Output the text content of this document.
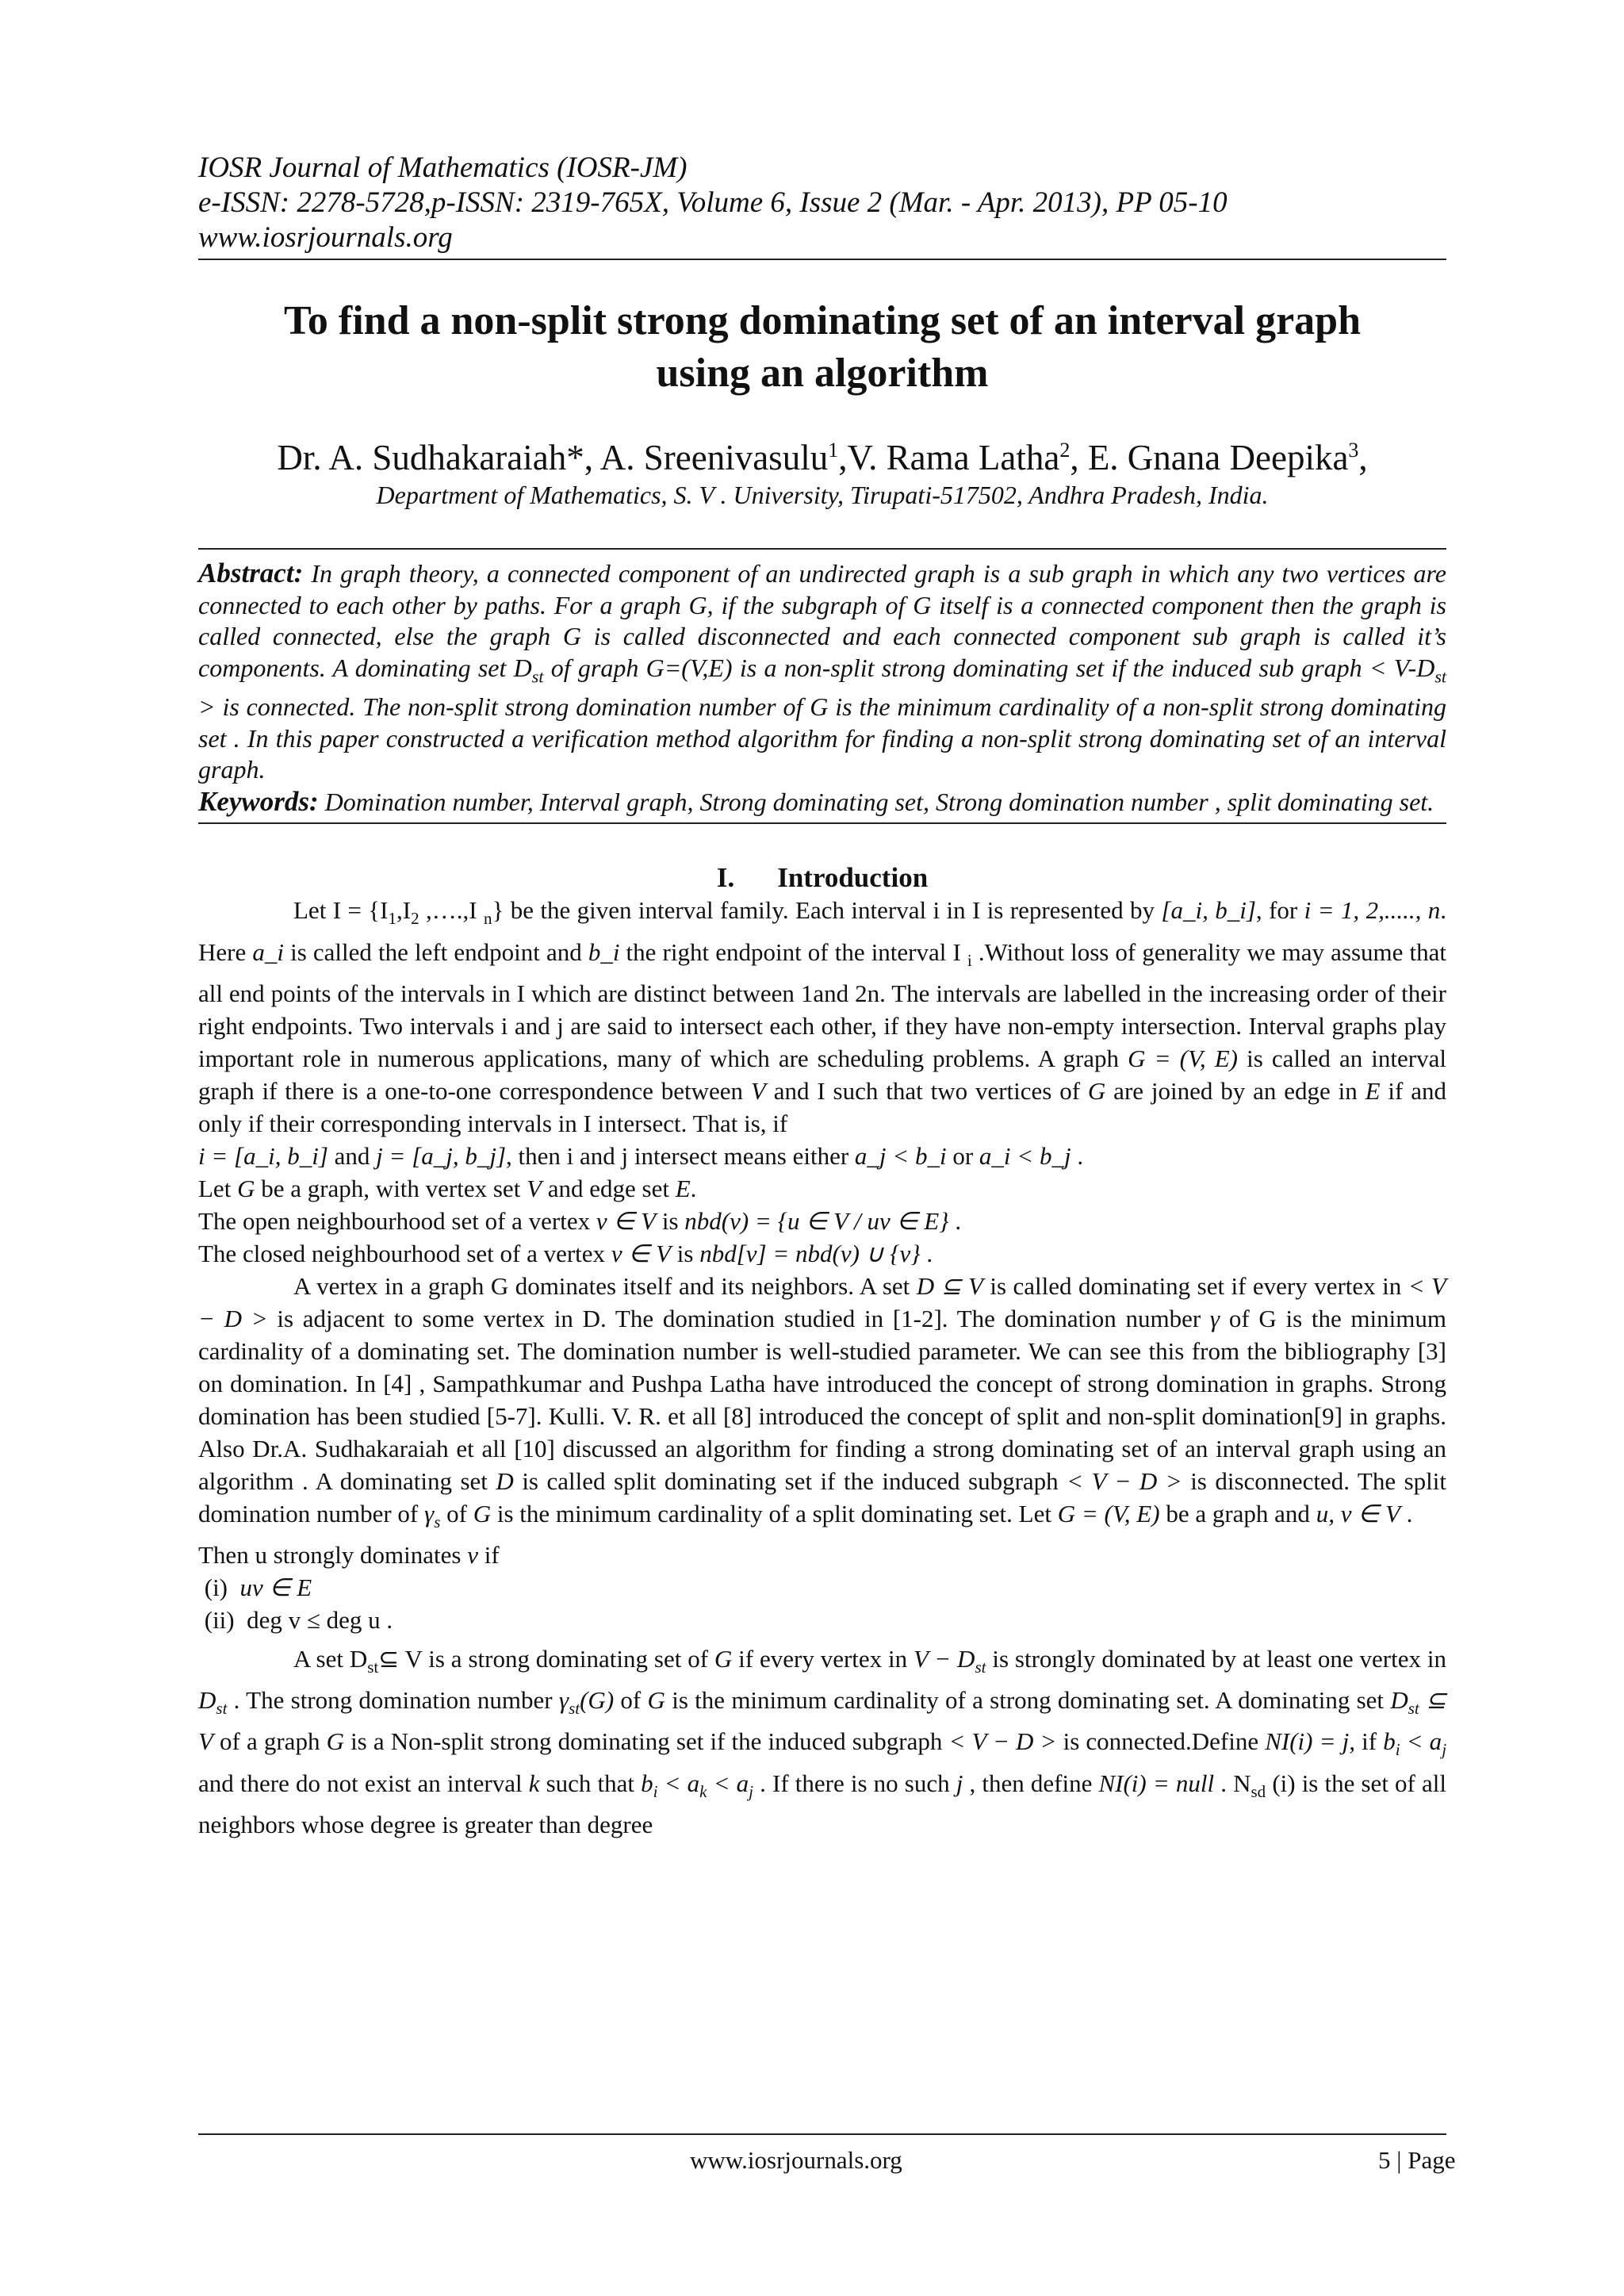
IOSR Journal of Mathematics (IOSR-JM)
e-ISSN: 2278-5728,p-ISSN: 2319-765X, Volume 6, Issue 2 (Mar. - Apr. 2013), PP 05-10
www.iosrjournals.org
To find a non-split strong dominating set of an interval graph
using an algorithm
Dr. A. Sudhakaraiah*, A. Sreenivasulu$^1$,V. Rama Latha$^2$, E. Gnana Deepika$^3$,
Department of Mathematics, S. V . University, Tirupati-517502, Andhra Pradesh, India.
Abstract: In graph theory, a connected component of an undirected graph is a sub graph in which any two vertices are connected to each other by paths. For a graph G, if the subgraph of G itself is a connected component then the graph is called connected, else the graph G is called disconnected and each connected component sub graph is called it’s components. A dominating set $D_{st}$ of graph G=(V,E) is a non-split strong dominating set if the induced sub graph < $V-D_{st}$ > is connected. The non-split strong domination number of G is the minimum cardinality of a non-split strong dominating set . In this paper constructed a verification method algorithm for finding a non-split strong dominating set of an interval graph.
Keywords: Domination number, Interval graph, Strong dominating set, Strong domination number , split dominating set.
I. Introduction

Let $I = \{I_1,I_2$ ,….,I $_n$} be the given interval family. Each interval i in I is represented by [a_i, b_i], for i = 1, 2,....., n. Here a_i is called the left endpoint and b_i the right endpoint of the interval I $_i$ .Without loss of generality we may assume that all end points of the intervals in I which are distinct between 1and 2n. The intervals are labelled in the increasing order of their right endpoints. Two intervals i and j are said to intersect each other, if they have non-empty intersection. Interval graphs play important role in numerous applications, many of which are scheduling problems. A graph G = (V, E) is called an interval graph if there is a one-to-one correspondence between V and I such that two vertices of G are joined by an edge in E if and only if their corresponding intervals in I intersect. That is, if

i = [a_i, b_i] and j = [a_j, b_j], then i and j intersect means either a_j < b_i or a_i < b_j .

Let G be a graph, with vertex set V and edge set E.

The open neighbourhood set of a vertex v ∈ V is nbd(v) = {u ∈ V / uv ∈ E} .

The closed neighbourhood set of a vertex v ∈ V is nbd[v] = nbd(v) ∪ {v} .

A vertex in a graph G dominates itself and its neighbors. A set D ⊆ V is called dominating set if every vertex in < V − D > is adjacent to some vertex in D. The domination studied in [1-2]. The domination number γ of G is the minimum cardinality of a dominating set. The domination number is well-studied parameter. We can see this from the bibliography [3] on domination. In [4] , Sampathkumar and Pushpa Latha have introduced the concept of strong domination in graphs. Strong domination has been studied [5-7]. Kulli. V. R. et all [8] introduced the concept of split and non-split domination[9] in graphs. Also Dr.A. Sudhakaraiah et all [10] discussed an algorithm for finding a strong dominating set of an interval graph using an algorithm . A dominating set D is called split dominating set if the induced subgraph < V − D > is disconnected. The split domination number of $\gamma_s$ of G is the minimum cardinality of a split dominating set. Let G = (V, E) be a graph and u, v ∈ V .

Then u strongly dominates v if

(i) uv ∈ E

(ii) deg v ≤ deg u .

A set $D_{st}⊆$ V is a strong dominating set of G if every vertex in $V - D_{st}$ is strongly dominated by at least one vertex in $D_{st}$ . The strong domination number $\gamma_{st}(G)$ of G is the minimum cardinality of a strong dominating set. A dominating set $D_{st}$ ⊆ V of a graph G is a Non-split strong dominating set if the induced subgraph < V − D > is connected.Define NI(i) = j, if $b_i < a_j$ and there do not exist an interval k such that $b_i < a_k < a_j$ . If there is no such j , then define NI(i) = null . $N_{sd}$ (i) is the set of all neighbors whose degree is greater than degree

www.iosrjournals.org	5 | Page
